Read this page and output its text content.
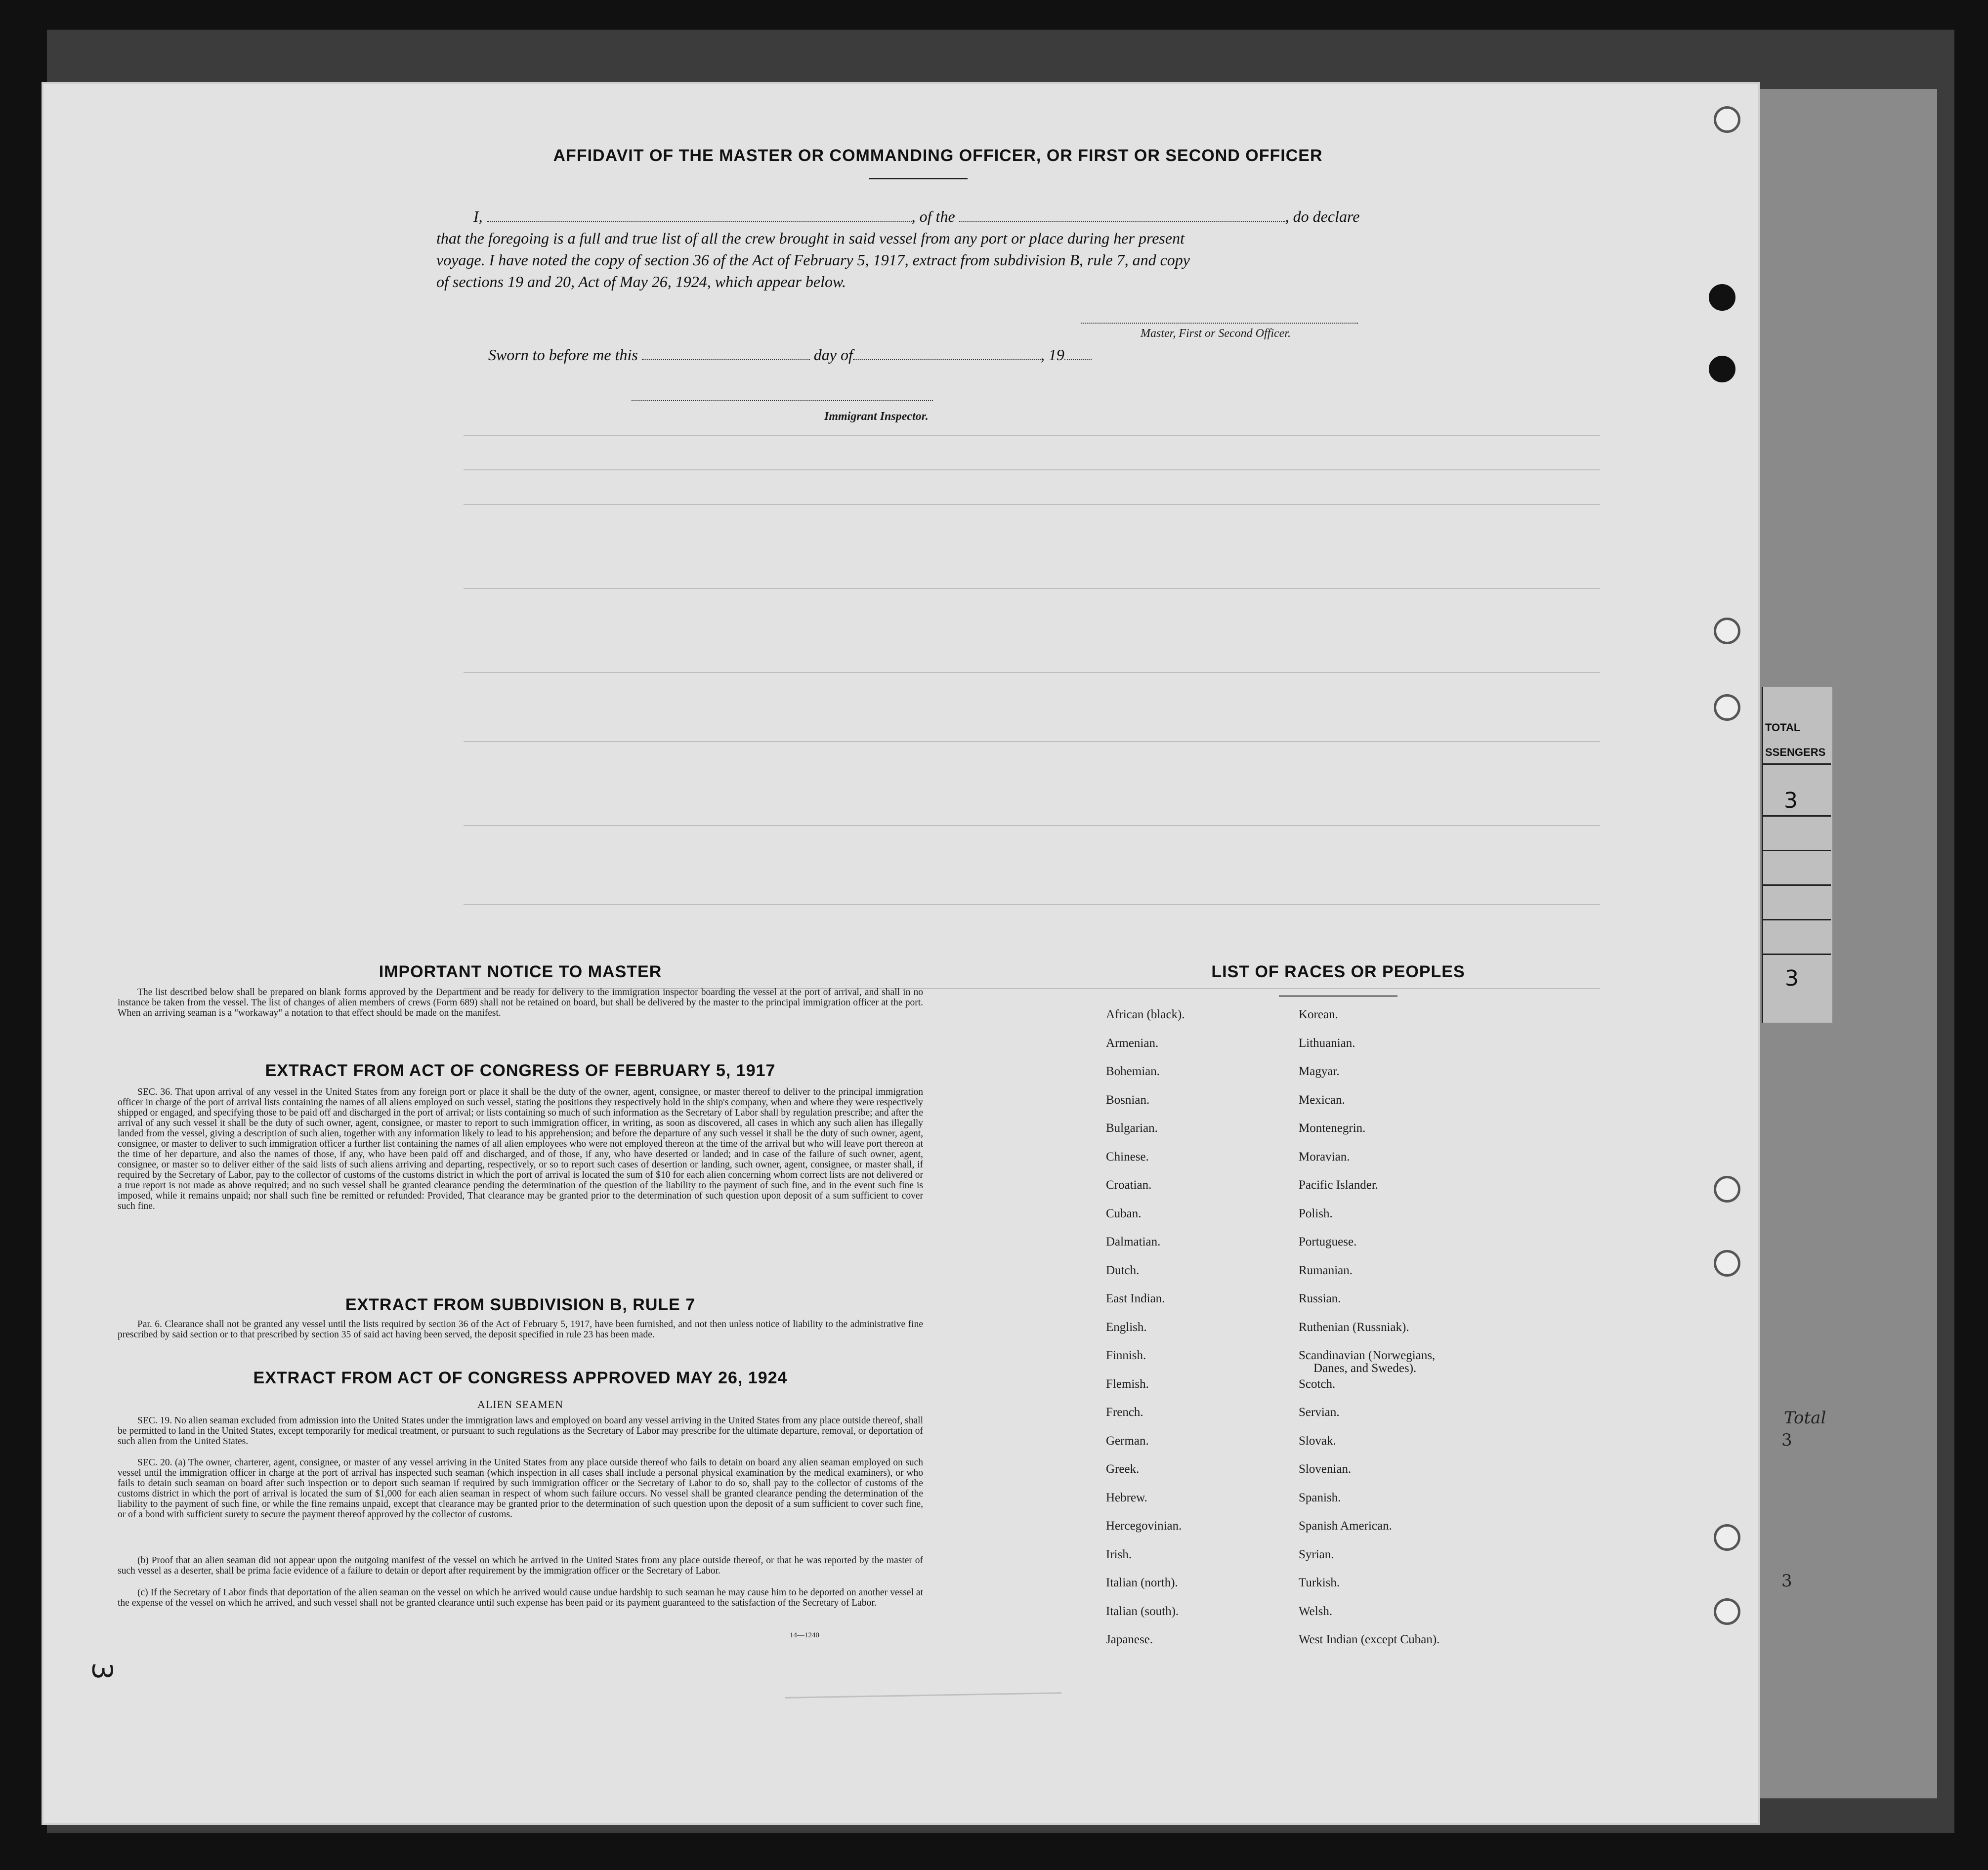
TOTAL
SSENGERS
3
3
Total
3
3
AFFIDAVIT OF THE MASTER OR COMMANDING OFFICER, OR FIRST OR SECOND OFFICER
I,	, of the	, do declare
that the foregoing is a full and true list of all the crew brought in said vessel from any port or place during her present
voyage. I have noted the copy of section 36 of the Act of February 5, 1917, extract from subdivision B, rule 7, and copy
of sections 19 and 20, Act of May 26, 1924, which appear below.
Master, First or Second Officer.
Sworn to before me this	day of	, 19
Immigrant Inspector.
IMPORTANT NOTICE TO MASTER
The list described below shall be prepared on blank forms approved by the Department and be ready for delivery to the immigration inspector boarding the vessel at the port of arrival, and shall in no instance be taken from the vessel. The list of changes of alien members of crews (Form 689) shall not be retained on board, but shall be delivered by the master to the principal immigration officer at the port. When an arriving seaman is a "workaway" a notation to that effect should be made on the manifest.
EXTRACT FROM ACT OF CONGRESS OF FEBRUARY 5, 1917
SEC. 36. That upon arrival of any vessel in the United States from any foreign port or place it shall be the duty of the owner, agent, consignee, or master thereof to deliver to the principal immigration officer in charge of the port of arrival lists containing the names of all aliens employed on such vessel, stating the positions they respectively hold in the ship's company, when and where they were respectively shipped or engaged, and specifying those to be paid off and discharged in the port of arrival; or lists containing so much of such information as the Secretary of Labor shall by regulation prescribe; and after the arrival of any such vessel it shall be the duty of such owner, agent, consignee, or master to report to such immigration officer, in writing, as soon as discovered, all cases in which any such alien has illegally landed from the vessel, giving a description of such alien, together with any information likely to lead to his apprehension; and before the departure of any such vessel it shall be the duty of such owner, agent, consignee, or master to deliver to such immigration officer a further list containing the names of all alien employees who were not employed thereon at the time of the arrival but who will leave port thereon at the time of her departure, and also the names of those, if any, who have been paid off and discharged, and of those, if any, who have deserted or landed; and in case of the failure of such owner, agent, consignee, or master so to deliver either of the said lists of such aliens arriving and departing, respectively, or so to report such cases of desertion or landing, such owner, agent, consignee, or master shall, if required by the Secretary of Labor, pay to the collector of customs of the customs district in which the port of arrival is located the sum of $10 for each alien concerning whom correct lists are not delivered or a true report is not made as above required; and no such vessel shall be granted clearance pending the determination of the question of the liability to the payment of such fine, and in the event such fine is imposed, while it remains unpaid; nor shall such fine be remitted or refunded: Provided, That clearance may be granted prior to the determination of such question upon deposit of a sum sufficient to cover such fine.
EXTRACT FROM SUBDIVISION B, RULE 7
Par. 6. Clearance shall not be granted any vessel until the lists required by section 36 of the Act of February 5, 1917, have been furnished, and not then unless notice of liability to the administrative fine prescribed by said section or to that prescribed by section 35 of said act having been served, the deposit specified in rule 23 has been made.
EXTRACT FROM ACT OF CONGRESS APPROVED MAY 26, 1924
ALIEN SEAMEN
SEC. 19. No alien seaman excluded from admission into the United States under the immigration laws and employed on board any vessel arriving in the United States from any place outside thereof, shall be permitted to land in the United States, except temporarily for medical treatment, or pursuant to such regulations as the Secretary of Labor may prescribe for the ultimate departure, removal, or deportation of such alien from the United States.
SEC. 20. (a) The owner, charterer, agent, consignee, or master of any vessel arriving in the United States from any place outside thereof who fails to detain on board any alien seaman employed on such vessel until the immigration officer in charge at the port of arrival has inspected such seaman (which inspection in all cases shall include a personal physical examination by the medical examiners), or who fails to detain such seaman on board after such inspection or to deport such seaman if required by such immigration officer or the Secretary of Labor to do so, shall pay to the collector of customs of the customs district in which the port of arrival is located the sum of $1,000 for each alien seaman in respect of whom such failure occurs. No vessel shall be granted clearance pending the determination of the liability to the payment of such fine, or while the fine remains unpaid, except that clearance may be granted prior to the determination of such question upon the deposit of a sum sufficient to cover such fine, or of a bond with sufficient surety to secure the payment thereof approved by the collector of customs.
(b) Proof that an alien seaman did not appear upon the outgoing manifest of the vessel on which he arrived in the United States from any place outside thereof, or that he was reported by the master of such vessel as a deserter, shall be prima facie evidence of a failure to detain or deport after requirement by the immigration officer or the Secretary of Labor.
(c) If the Secretary of Labor finds that deportation of the alien seaman on the vessel on which he arrived would cause undue hardship to such seaman he may cause him to be deported on another vessel at the expense of the vessel on which he arrived, and such vessel shall not be granted clearance until such expense has been paid or its payment guaranteed to the satisfaction of the Secretary of Labor.
14—1240
3
LIST OF RACES OR PEOPLES
African (black).
Armenian.
Bohemian.
Bosnian.
Bulgarian.
Chinese.
Croatian.
Cuban.
Dalmatian.
Dutch.
East Indian.
English.
Finnish.
Flemish.
French.
German.
Greek.
Hebrew.
Hercegovinian.
Irish.
Italian (north).
Italian (south).
Japanese.
Korean.
Lithuanian.
Magyar.
Mexican.
Montenegrin.
Moravian.
Pacific Islander.
Polish.
Portuguese.
Rumanian.
Russian.
Ruthenian (Russniak).
Scandinavian (Norwegians,
Danes, and Swedes).
Scotch.
Servian.
Slovak.
Slovenian.
Spanish.
Spanish American.
Syrian.
Turkish.
Welsh.
West Indian (except Cuban).
